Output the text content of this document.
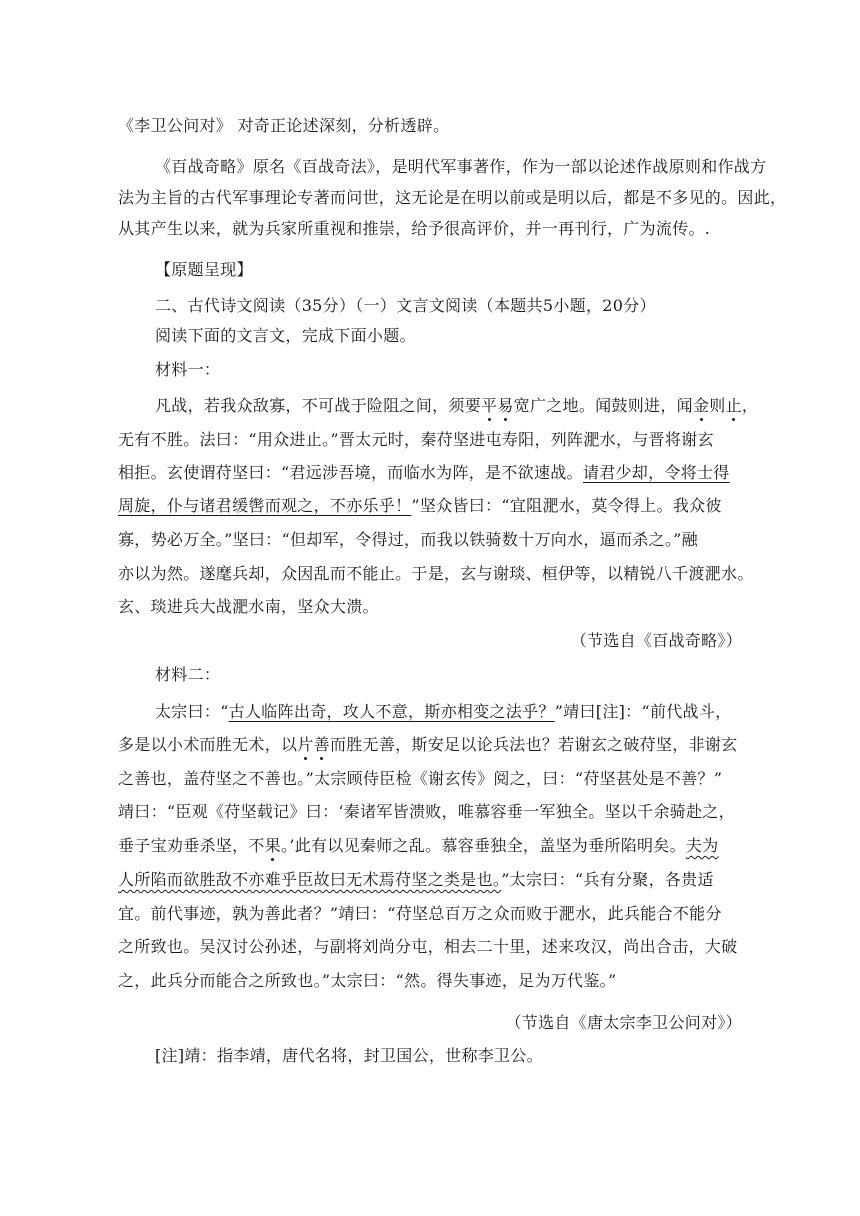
《李卫公问对》 对奇正论述深刻，分析透辟。
《百战奇略》原名《百战奇法》，是明代军事著作，作为一部以论述作战原则和作战方
法为主旨的古代军事理论专著而问世，这无论是在明以前或是明以后，都是不多见的。因此，
从其产生以来，就为兵家所重视和推崇，给予很高评价，并一再刊行，广为流传。.
【原题呈现】
二、古代诗文阅读（35分）（一）文言文阅读（本题共5小题，20分）
阅读下面的文言文，完成下面小题。
材料一：
凡战，若我众敌寡，不可战于险阻之间，须要平易宽广之地。闻鼓则进，闻金则止，
无有不胜。法曰：“用众进止。”晋太元时，秦苻坚进屯寿阳，列阵淝水，与晋将谢玄
相拒。玄使谓苻坚曰：“君远涉吾境，而临水为阵，是不欲速战。请君少却，令将士得
周旋，仆与诸君缓辔而观之，不亦乐乎！”坚众皆曰：“宜阻淝水，莫令得上。我众彼
寡，势必万全。”坚曰：“但却军，令得过，而我以铁骑数十万向水，逼而杀之。”融
亦以为然。遂麾兵却，众因乱而不能止。于是，玄与谢琰、桓伊等，以精锐八千渡淝水。
玄、琰进兵大战淝水南，坚众大溃。
（节选自《百战奇略》）
材料二：
太宗曰：“古人临阵出奇，攻人不意，斯亦相变之法乎？”靖曰[注]：“前代战斗，
多是以小术而胜无术，以片善而胜无善，斯安足以论兵法也？若谢玄之破苻坚，非谢玄
之善也，盖苻坚之不善也。”太宗顾侍臣检《谢玄传》阅之，曰：“苻坚甚处是不善？”
靖曰：“臣观《苻坚载记》曰：‘秦诸军皆溃败，唯慕容垂一军独全。坚以千余骑赴之，
垂子宝劝垂杀坚，不果。’此有以见秦师之乱。慕容垂独全，盖坚为垂所陷明矣。夫为
人所陷而欲胜敌不亦难乎臣故曰无术焉苻坚之类是也。”太宗曰：“兵有分聚，各贵适
宜。前代事迹，孰为善此者？”靖曰：“苻坚总百万之众而败于淝水，此兵能合不能分
之所致也。吴汉讨公孙述，与副将刘尚分屯，相去二十里，述来攻汉，尚出合击，大破
之，此兵分而能合之所致也。”太宗曰：“然。得失事迹，足为万代鉴。”
（节选自《唐太宗李卫公问对》）
[注]靖：指李靖，唐代名将，封卫国公，世称李卫公。
